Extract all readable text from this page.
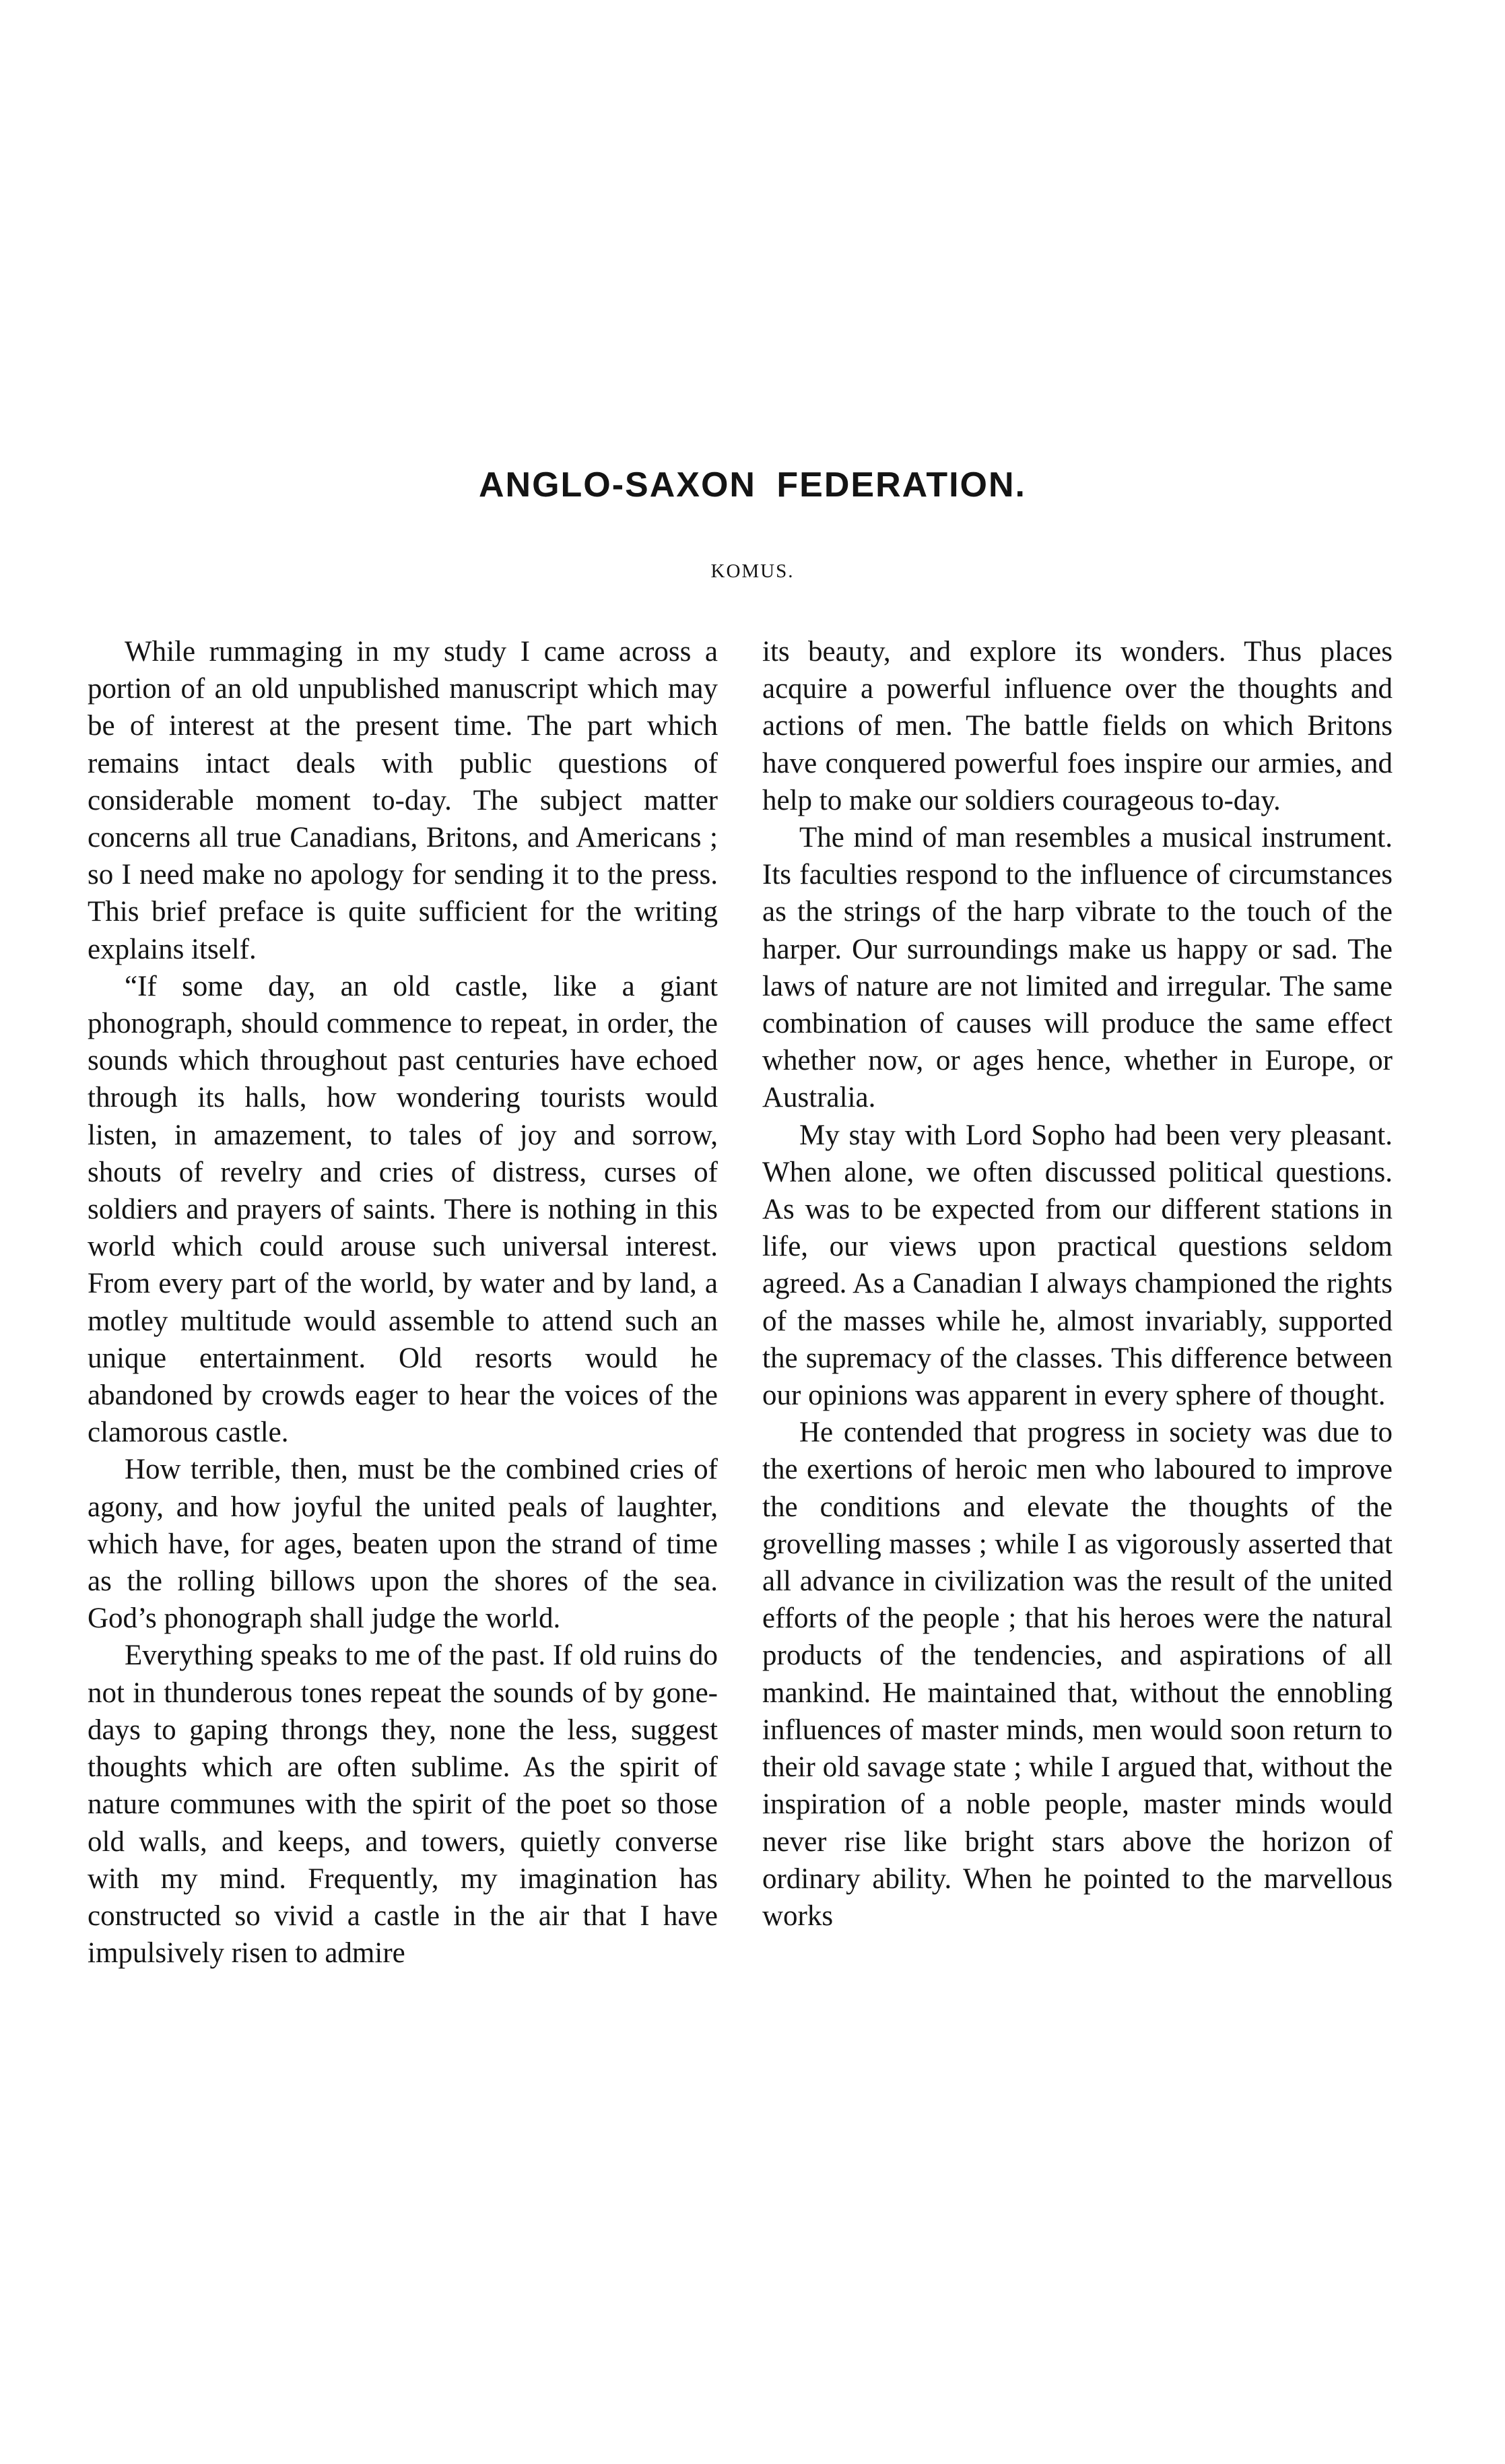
ANGLO-SAXON FEDERATION.
KOMUS.

While rummaging in my study I came across a portion of an old unpublished manuscript which may be of interest at the present time. The part which remains intact deals with public questions of considerable moment to-day. The subject matter concerns all true Canadians, Britons, and Americans ; so I need make no apology for sending it to the press. This brief preface is quite sufficient for the writing explains itself.

“If some day, an old castle, like a giant phonograph, should commence to repeat, in order, the sounds which throughout past centuries have echoed through its halls, how wondering tourists would listen, in amazement, to tales of joy and sorrow, shouts of revelry and cries of distress, curses of soldiers and prayers of saints. There is nothing in this world which could arouse such universal interest. From every part of the world, by water and by land, a motley multitude would assemble to attend such an unique entertainment. Old resorts would he abandoned by crowds eager to hear the voices of the clamorous castle.

How terrible, then, must be the combined cries of agony, and how joyful the united peals of laughter, which have, for ages, beaten upon the strand of time as the rolling billows upon the shores of the sea. God’s phonograph shall judge the world.

Everything speaks to me of the past. If old ruins do not in thunderous tones repeat the sounds of by gone-days to gaping throngs they, none the less, suggest thoughts which are often sublime. As the spirit of nature communes with the spirit of the poet so those old walls, and keeps, and towers, quietly converse with my mind. Frequently, my imagination has constructed so vivid a castle in the air that I have impulsively risen to admire

its beauty, and explore its wonders. Thus places acquire a powerful influence over the thoughts and actions of men. The battle fields on which Britons have conquered powerful foes inspire our armies, and help to make our soldiers courageous to-day.

The mind of man resembles a musical instrument. Its faculties respond to the influence of circumstances as the strings of the harp vibrate to the touch of the harper. Our surroundings make us happy or sad. The laws of nature are not limited and irregular. The same combination of causes will produce the same effect whether now, or ages hence, whether in Europe, or Australia.

My stay with Lord Sopho had been very pleasant. When alone, we often discussed political questions. As was to be expected from our different stations in life, our views upon practical questions seldom agreed. As a Canadian I always championed the rights of the masses while he, almost invariably, supported the supremacy of the classes. This difference between our opinions was apparent in every sphere of thought.

He contended that progress in society was due to the exertions of heroic men who laboured to improve the conditions and elevate the thoughts of the grovelling masses ; while I as vigorously asserted that all advance in civilization was the result of the united efforts of the people ; that his heroes were the natural products of the tendencies, and aspirations of all mankind. He maintained that, without the ennobling influences of master minds, men would soon return to their old savage state ; while I argued that, without the inspiration of a noble people, master minds would never rise like bright stars above the horizon of ordinary ability. When he pointed to the marvellous works
